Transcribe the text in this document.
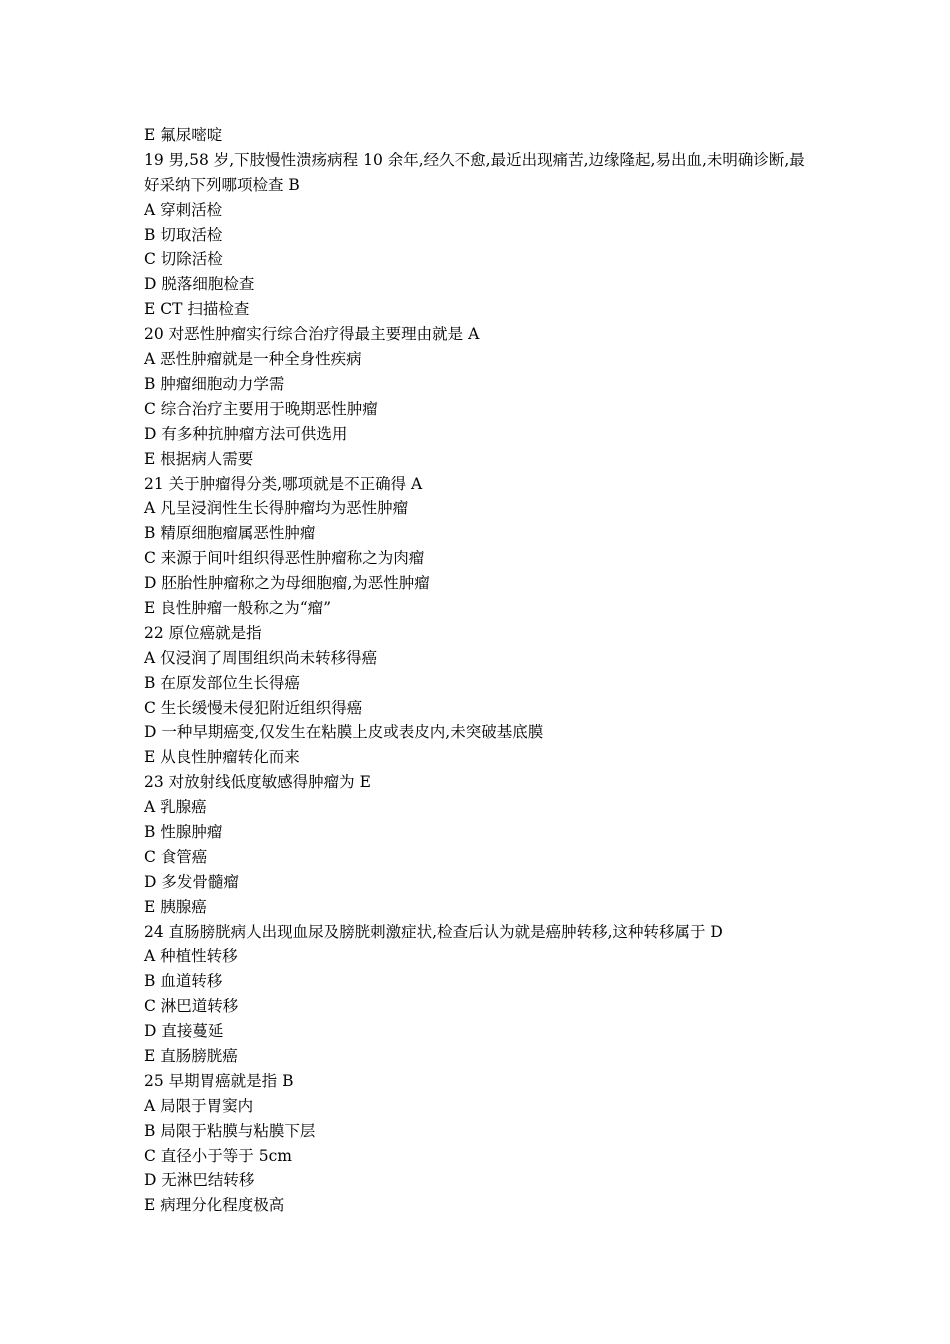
E 氟尿嘧啶
19 男,58 岁,下肢慢性溃疡病程 10 余年,经久不愈,最近出现痛苦,边缘隆起,易出血,未明确诊断,最好采纳下列哪项检查 B
A 穿刺活检
B 切取活检
C 切除活检
D 脱落细胞检查
E CT 扫描检查
20 对恶性肿瘤实行综合治疗得最主要理由就是 A
A 恶性肿瘤就是一种全身性疾病
B 肿瘤细胞动力学需
C 综合治疗主要用于晚期恶性肿瘤
D 有多种抗肿瘤方法可供选用
E 根据病人需要
21 关于肿瘤得分类,哪项就是不正确得 A
A 凡呈浸润性生长得肿瘤均为恶性肿瘤
B 精原细胞瘤属恶性肿瘤
C 来源于间叶组织得恶性肿瘤称之为肉瘤
D 胚胎性肿瘤称之为母细胞瘤,为恶性肿瘤
E 良性肿瘤一般称之为“瘤”
22 原位癌就是指
A 仅浸润了周围组织尚未转移得癌
B 在原发部位生长得癌
C 生长缓慢未侵犯附近组织得癌
D 一种早期癌变,仅发生在粘膜上皮或表皮内,未突破基底膜
E 从良性肿瘤转化而来
23 对放射线低度敏感得肿瘤为 E
A 乳腺癌
B 性腺肿瘤
C 食管癌
D 多发骨髓瘤
E 胰腺癌
24 直肠膀胱病人出现血尿及膀胱刺激症状,检查后认为就是癌肿转移,这种转移属于 D
A 种植性转移
B 血道转移
C 淋巴道转移
D 直接蔓延
E 直肠膀胱癌
25 早期胃癌就是指 B
A 局限于胃窦内
B 局限于粘膜与粘膜下层
C 直径小于等于 5cm
D 无淋巴结转移
E 病理分化程度极高
